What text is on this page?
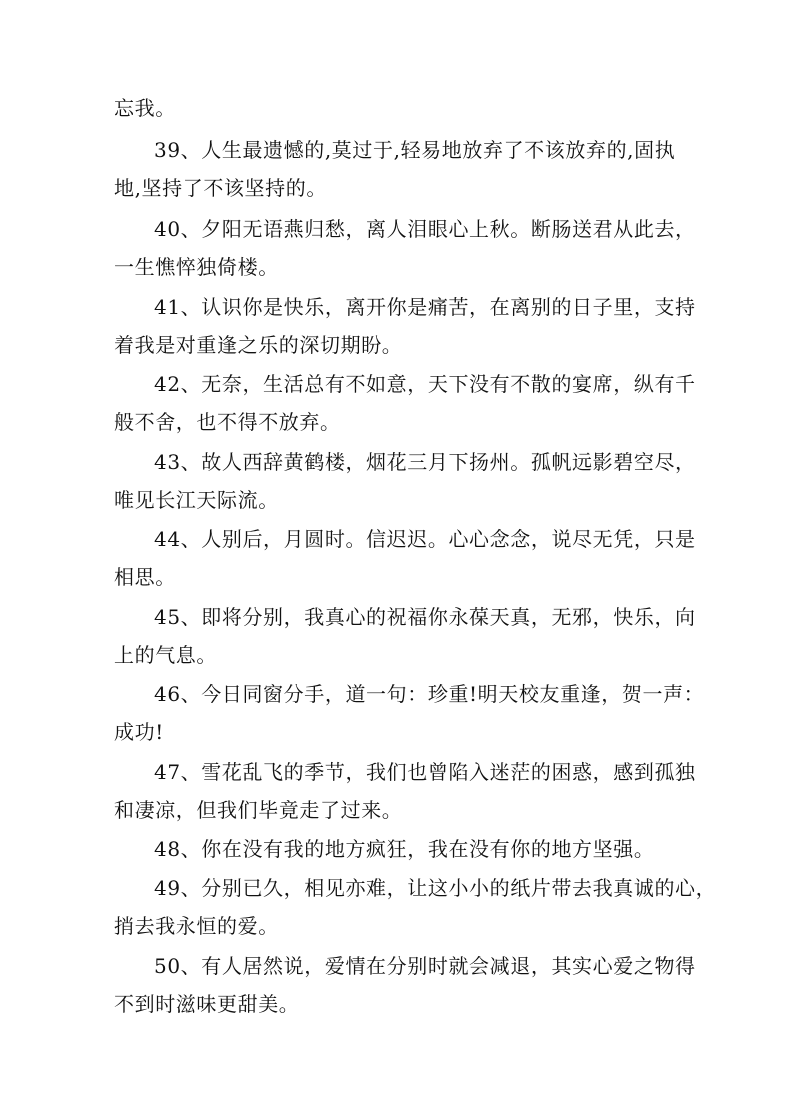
忘我。
39、人生最遗憾的,莫过于,轻易地放弃了不该放弃的,固执
地,坚持了不该坚持的。
40、夕阳无语燕归愁，离人泪眼心上秋。断肠送君从此去，
一生憔悴独倚楼。
41、认识你是快乐，离开你是痛苦，在离别的日子里，支持
着我是对重逢之乐的深切期盼。
42、无奈，生活总有不如意，天下没有不散的宴席，纵有千
般不舍，也不得不放弃。
43、故人西辞黄鹤楼，烟花三月下扬州。孤帆远影碧空尽，
唯见长江天际流。
44、人别后，月圆时。信迟迟。心心念念，说尽无凭，只是
相思。
45、即将分别，我真心的祝福你永葆天真，无邪，快乐，向
上的气息。
46、今日同窗分手，道一句：珍重!明天校友重逢，贺一声：
成功!
47、雪花乱飞的季节，我们也曾陷入迷茫的困惑，感到孤独
和凄凉，但我们毕竟走了过来。
48、你在没有我的地方疯狂，我在没有你的地方坚强。
49、分别已久，相见亦难，让这小小的纸片带去我真诚的心，
捎去我永恒的爱。
50、有人居然说，爱情在分别时就会减退，其实心爱之物得
不到时滋味更甜美。
